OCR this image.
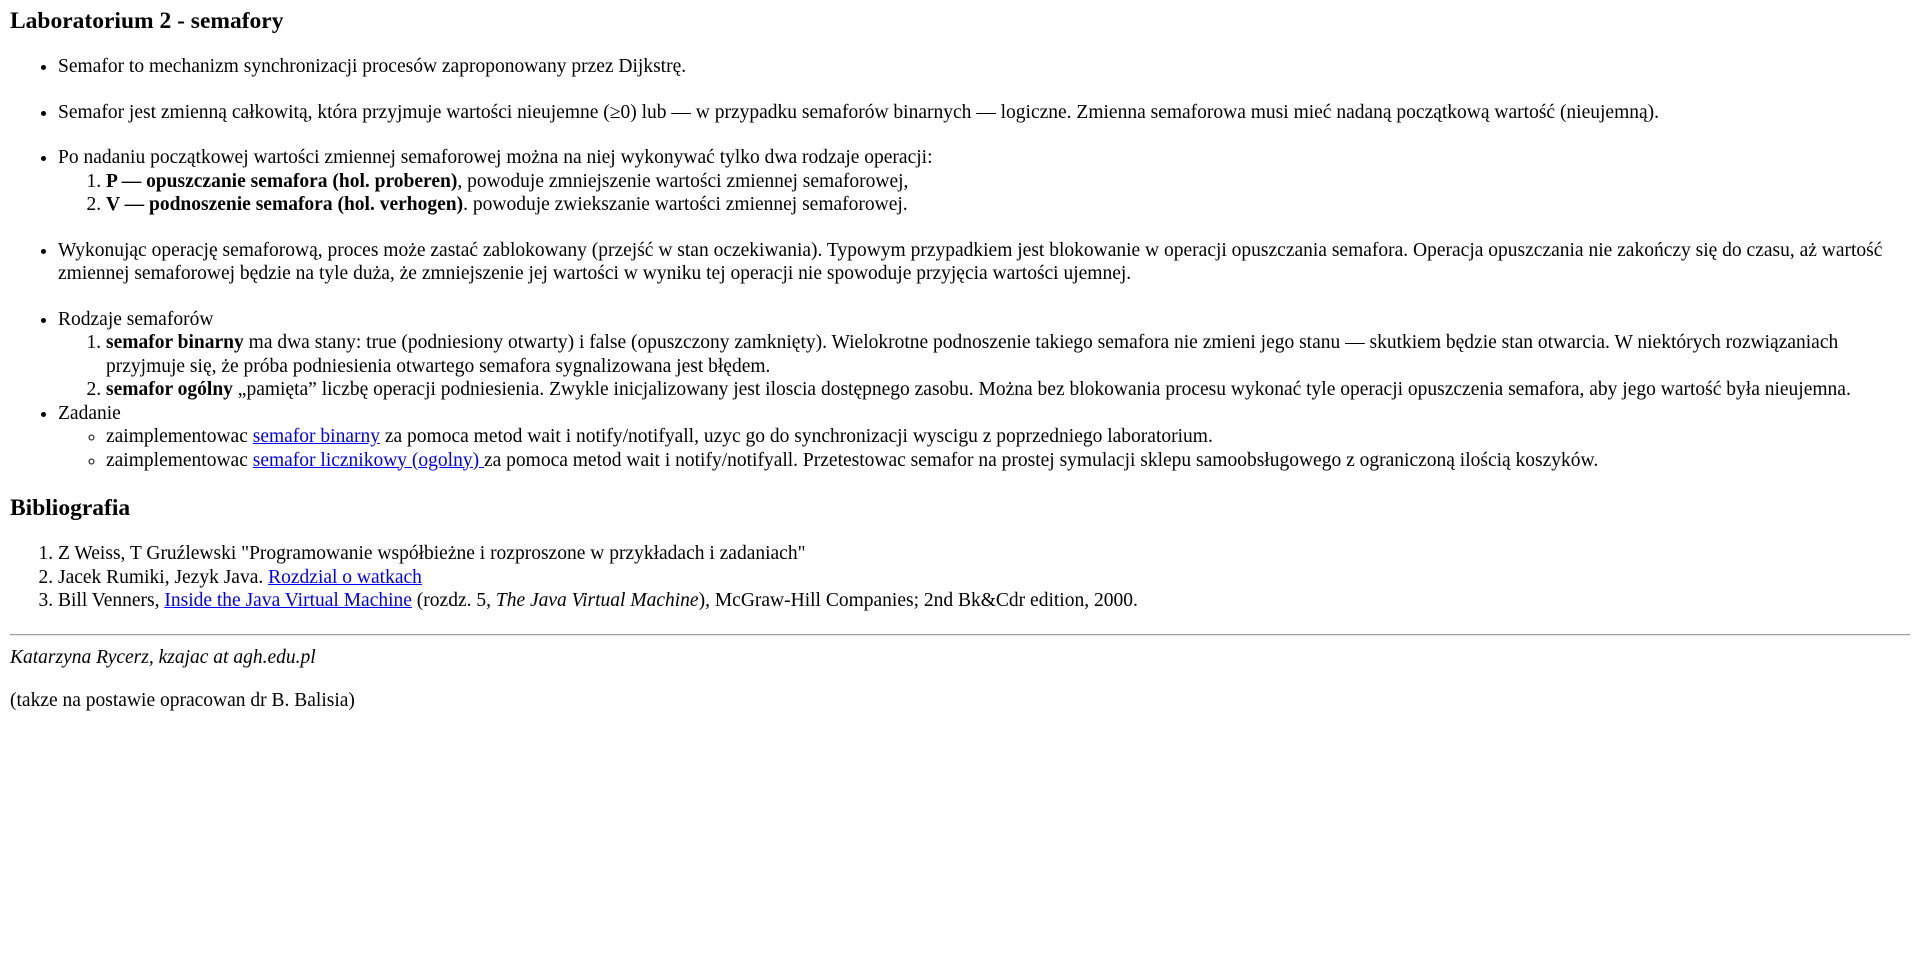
Laboratorium 2 - semafory
• Semafor to mechanizm synchronizacji procesów zaproponowany przez Dijkstrę.
• Semafor jest zmienną całkowitą, która przyjmuje wartości nieujemne (≥0) lub — w przypadku semaforów binarnych — logiczne. Zmienna semaforowa musi mieć nadaną początkową wartość (nieujemną).
• Po nadaniu początkowej wartości zmiennej semaforowej można na niej wykonywać tylko dwa rodzaje operacji:
1. P — opuszczanie semafora (hol. proberen), powoduje zmniejszenie wartości zmiennej semaforowej,
2. V — podnoszenie semafora (hol. verhogen). powoduje zwiekszanie wartości zmiennej semaforowej.
• Wykonując operację semaforową, proces może zastać zablokowany (przejść w stan oczekiwania). Typowym przypadkiem jest blokowanie w operacji opuszczania semafora. Operacja opuszczania nie zakończy się do czasu, aż wartość zmiennej semaforowej będzie na tyle duża, że zmniejszenie jej wartości w wyniku tej operacji nie spowoduje przyjęcia wartości ujemnej.
• Rodzaje semaforów
1. semafor binarny ma dwa stany: true (podniesiony otwarty) i false (opuszczony zamknięty). Wielokrotne podnoszenie takiego semafora nie zmieni jego stanu — skutkiem będzie stan otwarcia. W niektórych rozwiązaniach przyjmuje się, że próba podniesienia otwartego semafora sygnalizowana jest błędem.
2. semafor ogólny „pamięta” liczbę operacji podniesienia. Zwykle inicjalizowany jest iloscia dostępnego zasobu. Można bez blokowania procesu wykonać tyle operacji opuszczenia semafora, aby jego wartość była nieujemna.
• Zadanie
◦ zaimplementowac semafor binarny za pomoca metod wait i notify/notifyall, uzyc go do synchronizacji wyscigu z poprzedniego laboratorium.
◦ zaimplementowac semafor licznikowy (ogolny) za pomoca metod wait i notify/notifyall. Przetestowac semafor na prostej symulacji sklepu samoobsługowego z ograniczoną ilością koszyków.
Bibliografia
1. Z Weiss, T Gruźlewski "Programowanie współbieżne i rozproszone w przykładach i zadaniach"
2. Jacek Rumiki, Jezyk Java. Rozdzial o watkach
3. Bill Venners, Inside the Java Virtual Machine (rozdz. 5, The Java Virtual Machine), McGraw-Hill Companies; 2nd Bk&Cdr edition, 2000.
Katarzyna Rycerz, kzajac at agh.edu.pl

(takze na postawie opracowan dr B. Balisia)
